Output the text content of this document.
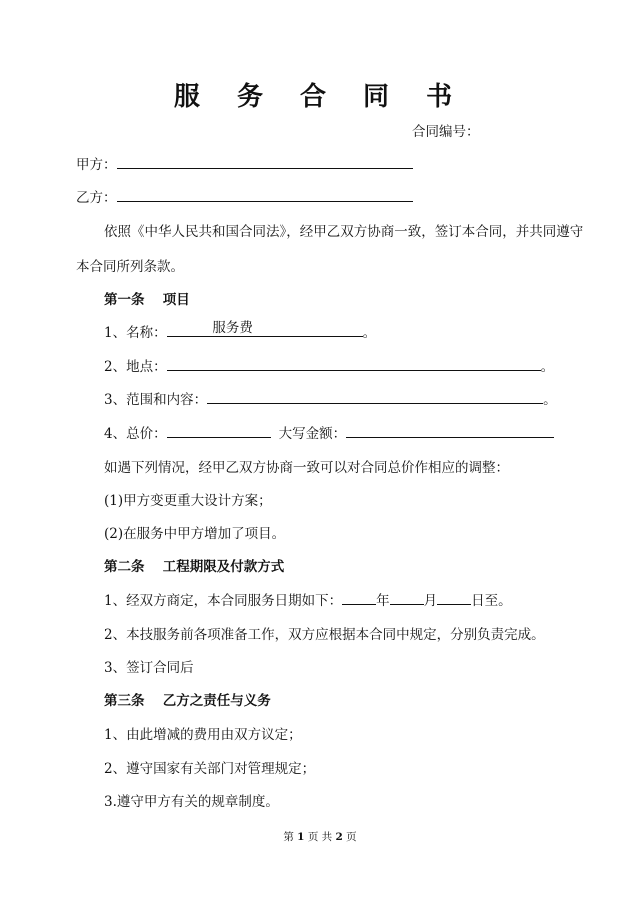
服 务 合 同 书
合同编号：
甲方：
乙方：
依照《中华人民共和国合同法》，经甲乙双方协商一致，签订本合同，并共同遵守
本合同所列条款。
第一条　 项目
1、名称：	服务费	。
2、地点：	。
3、范围和内容：	。
4、总价：	大写金额：
如遇下列情况，经甲乙双方协商一致可以对合同总价作相应的调整：
(1)甲方变更重大设计方案；
(2)在服务中甲方增加了项目。
第二条　 工程期限及付款方式
1、经双方商定，本合同服务日期如下：	年	月	日至。
2、本技服务前各项准备工作，双方应根据本合同中规定，分别负责完成。
3、签订合同后
第三条　 乙方之责任与义务
1、由此增减的费用由双方议定；
2、遵守国家有关部门对管理规定；
3.遵守甲方有关的规章制度。
第 1 页 共 2 页
